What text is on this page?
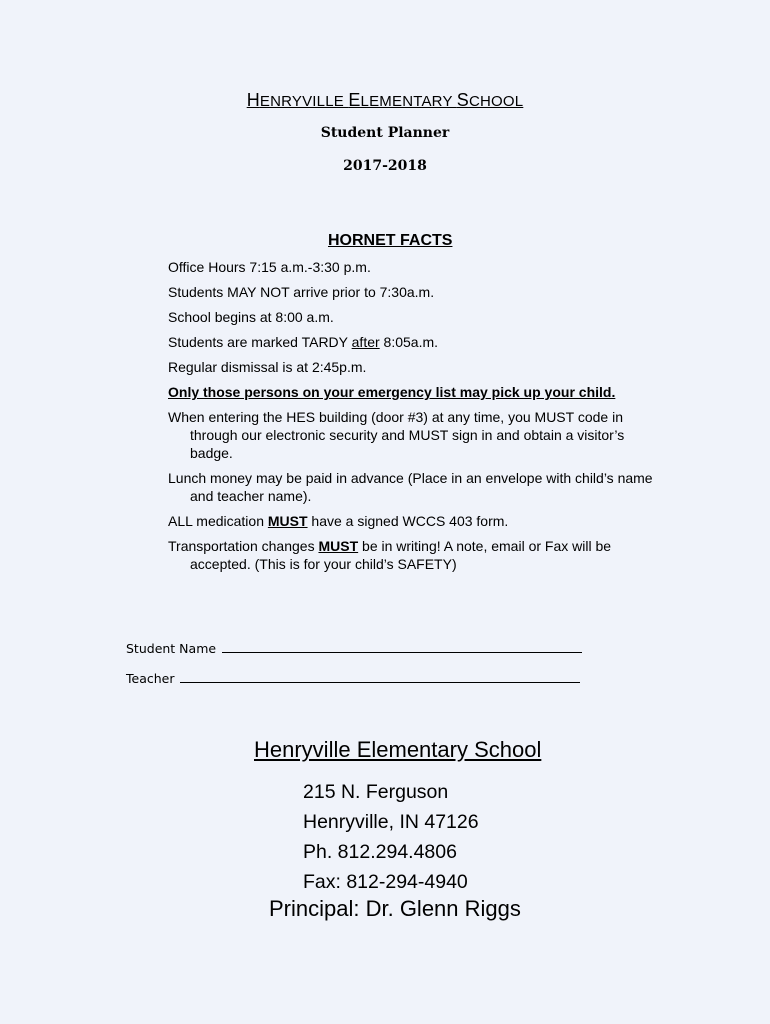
HENRYVILLE ELEMENTARY SCHOOL
Student Planner
2017-2018
HORNET FACTS
Office Hours 7:15 a.m.-3:30 p.m.
Students MAY NOT arrive prior to 7:30a.m.
School begins at 8:00 a.m.
Students are marked TARDY after 8:05a.m.
Regular dismissal is at 2:45p.m.
Only those persons on your emergency list may pick up your child.
When entering the HES building (door #3) at any time, you MUST code in through our electronic security and MUST sign in and obtain a visitor’s badge.
Lunch money may be paid in advance (Place in an envelope with child’s name and teacher name).
ALL medication MUST have a signed WCCS 403 form.
Transportation changes MUST be in writing! A note, email or Fax will be accepted. (This is for your child’s SAFETY)
Student Name
Teacher
Henryville Elementary School
215 N. Ferguson
Henryville, IN 47126
Ph. 812.294.4806
Fax: 812-294-4940
Principal: Dr. Glenn Riggs
